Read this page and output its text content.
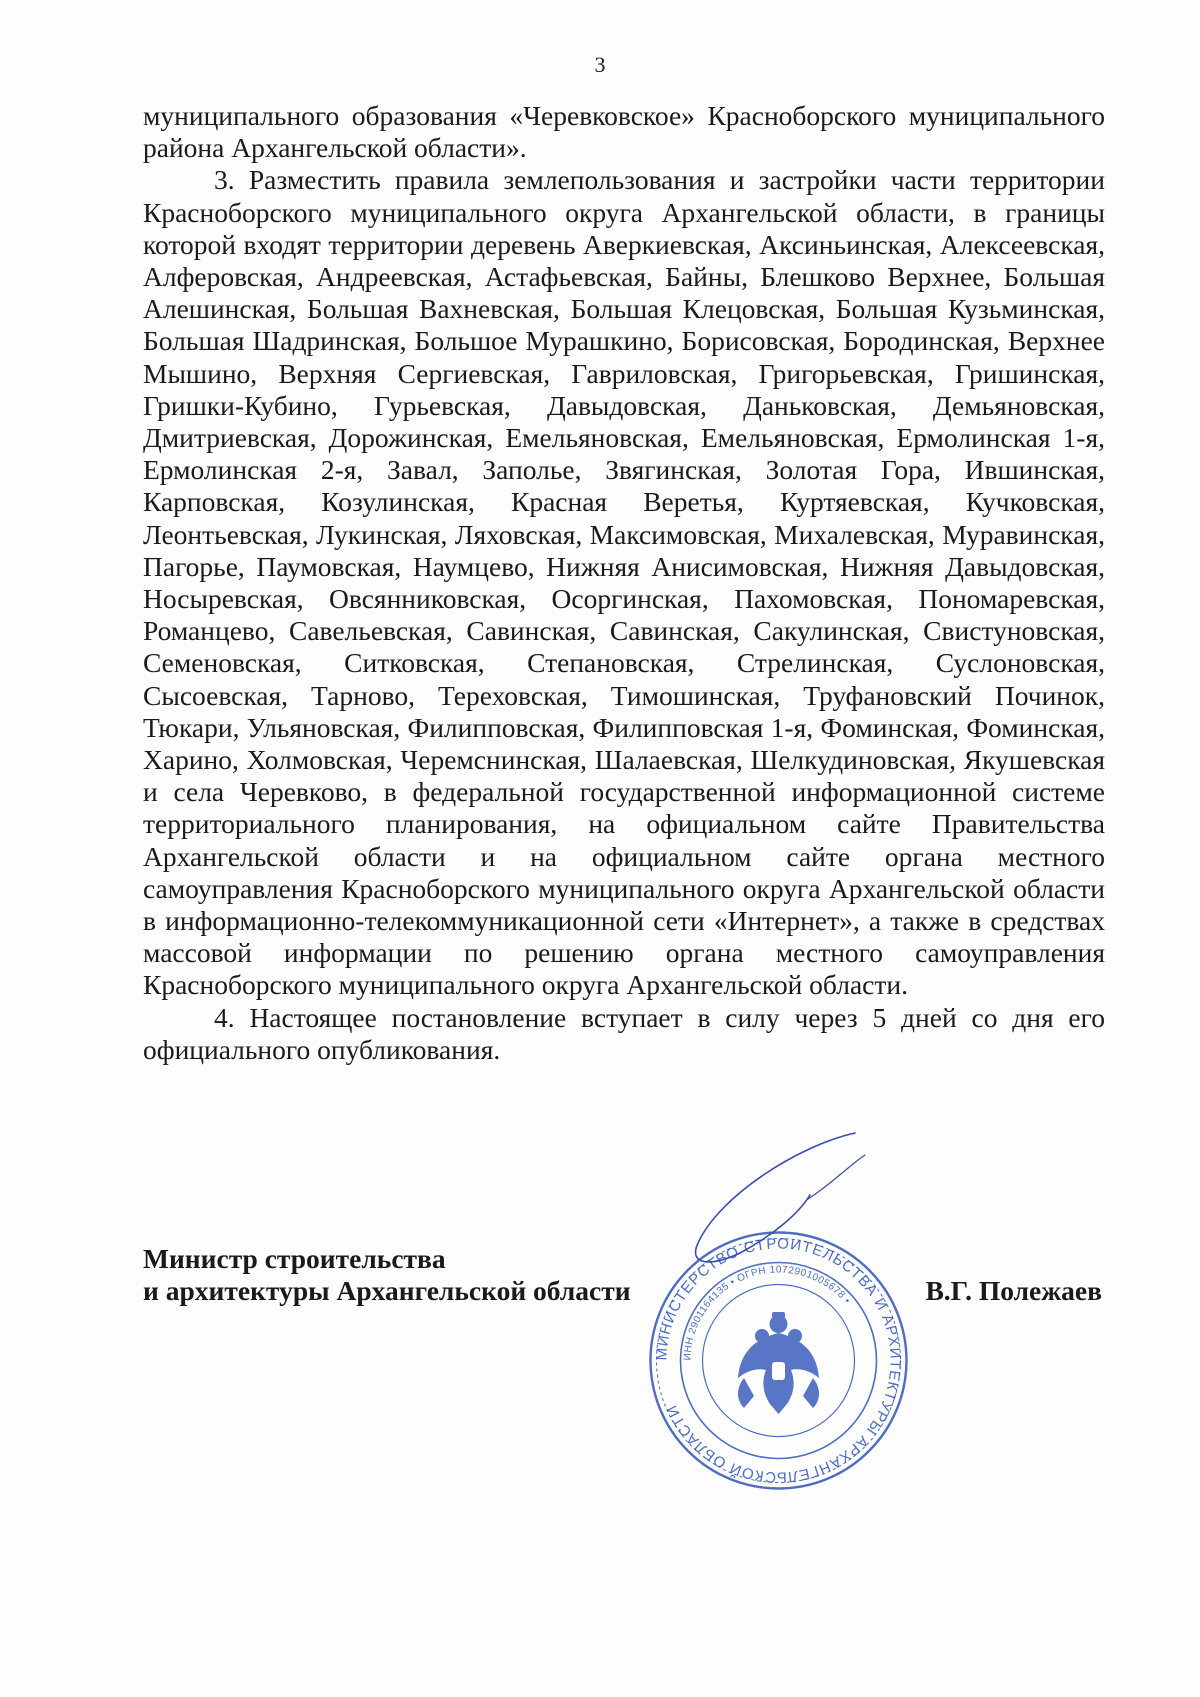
3

муниципального образования «Черевковское» Красноборского муниципального района Архангельской области».

3. Разместить правила землепользования и застройки части территории Красноборского муниципального округа Архангельской области, в границы которой входят территории деревень Аверкиевская, Аксиньинская, Алексеевская, Алферовская, Андреевская, Астафьевская, Байны, Блешково Верхнее, Большая Алешинская, Большая Вахневская, Большая Клецовская, Большая Кузьминская, Большая Шадринская, Большое Мурашкино, Борисовская, Бородинская, Верхнее Мышино, Верхняя Сергиевская, Гавриловская, Григорьевская, Гришинская, Гришки-Кубино, Гурьевская, Давыдовская, Даньковская, Демьяновская, Дмитриевская, Дорожинская, Емельяновская, Емельяновская, Ермолинская 1-я, Ермолинская 2-я, Завал, Заполье, Звягинская, Золотая Гора, Ившинская, Карповская, Козулинская, Красная Веретья, Куртяевская, Кучковская, Леонтьевская, Лукинская, Ляховская, Максимовская, Михалевская, Муравинская, Пагорье, Паумовская, Наумцево, Нижняя Анисимовская, Нижняя Давыдовская, Носыревская, Овсянниковская, Осоргинская, Пахомовская, Пономаревская, Романцево, Савельевская, Савинская, Савинская, Сакулинская, Свистуновская, Семеновская, Ситковская, Степановская, Стрелинская, Суслоновская, Сысоевская, Тарново, Тереховская, Тимошинская, Труфановский Починок, Тюкари, Ульяновская, Филипповская, Филипповская 1-я, Фоминская, Фоминская, Харино, Холмовская, Черемснинская, Шалаевская, Шелкудиновская, Якушевская и села Черевково, в федеральной государственной информационной системе территориального планирования, на официальном сайте Правительства Архангельской области и на официальном сайте органа местного самоуправления Красноборского муниципального округа Архангельской области в информационно-телекоммуникационной сети «Интернет», а также в средствах массовой информации по решению органа местного самоуправления Красноборского муниципального округа Архангельской области.

4. Настоящее постановление вступает в силу через 5 дней со дня его официального опубликования.

Министр строительства
и архитектуры Архангельской области	В.Г. Полежаев
МИНИСТЕРСТВО СТРОИТЕЛЬСТВА И АРХИТЕКТУРЫ АРХАНГЕЛЬСКОЙ ОБЛАСТИ
ИНН 2901164135 • ОГРН 1072901005678 •
